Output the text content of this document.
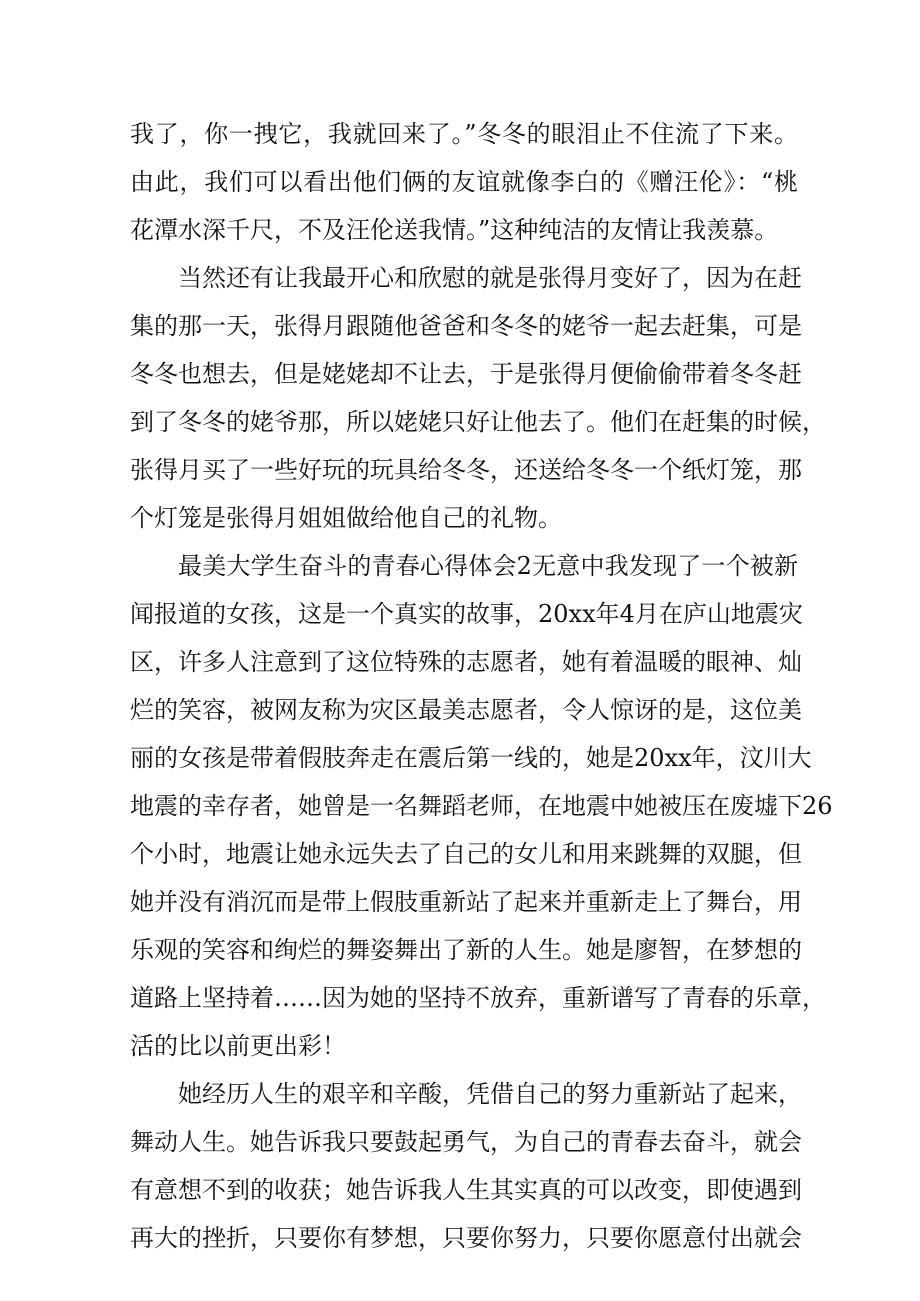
我了，你一拽它，我就回来了。”冬冬的眼泪止不住流了下来。
由此，我们可以看出他们俩的友谊就像李白的《赠汪伦》：“桃
花潭水深千尺，不及汪伦送我情。”这种纯洁的友情让我羡慕。
当然还有让我最开心和欣慰的就是张得月变好了，因为在赶
集的那一天，张得月跟随他爸爸和冬冬的姥爷一起去赶集，可是
冬冬也想去，但是姥姥却不让去，于是张得月便偷偷带着冬冬赶
到了冬冬的姥爷那，所以姥姥只好让他去了。他们在赶集的时候，
张得月买了一些好玩的玩具给冬冬，还送给冬冬一个纸灯笼，那
个灯笼是张得月姐姐做给他自己的礼物。
最美大学生奋斗的青春心得体会2无意中我发现了一个被新
闻报道的女孩，这是一个真实的故事，20xx年4月在庐山地震灾
区，许多人注意到了这位特殊的志愿者，她有着温暖的眼神、灿
烂的笑容，被网友称为灾区最美志愿者，令人惊讶的是，这位美
丽的女孩是带着假肢奔走在震后第一线的，她是20xx年，汶川大
地震的幸存者，她曾是一名舞蹈老师，在地震中她被压在废墟下26
个小时，地震让她永远失去了自己的女儿和用来跳舞的双腿，但
她并没有消沉而是带上假肢重新站了起来并重新走上了舞台，用
乐观的笑容和绚烂的舞姿舞出了新的人生。她是廖智，在梦想的
道路上坚持着……因为她的坚持不放弃，重新谱写了青春的乐章，
活的比以前更出彩！
她经历人生的艰辛和辛酸，凭借自己的努力重新站了起来，
舞动人生。她告诉我只要鼓起勇气，为自己的青春去奋斗，就会
有意想不到的收获；她告诉我人生其实真的可以改变，即使遇到
再大的挫折，只要你有梦想，只要你努力，只要你愿意付出就会
